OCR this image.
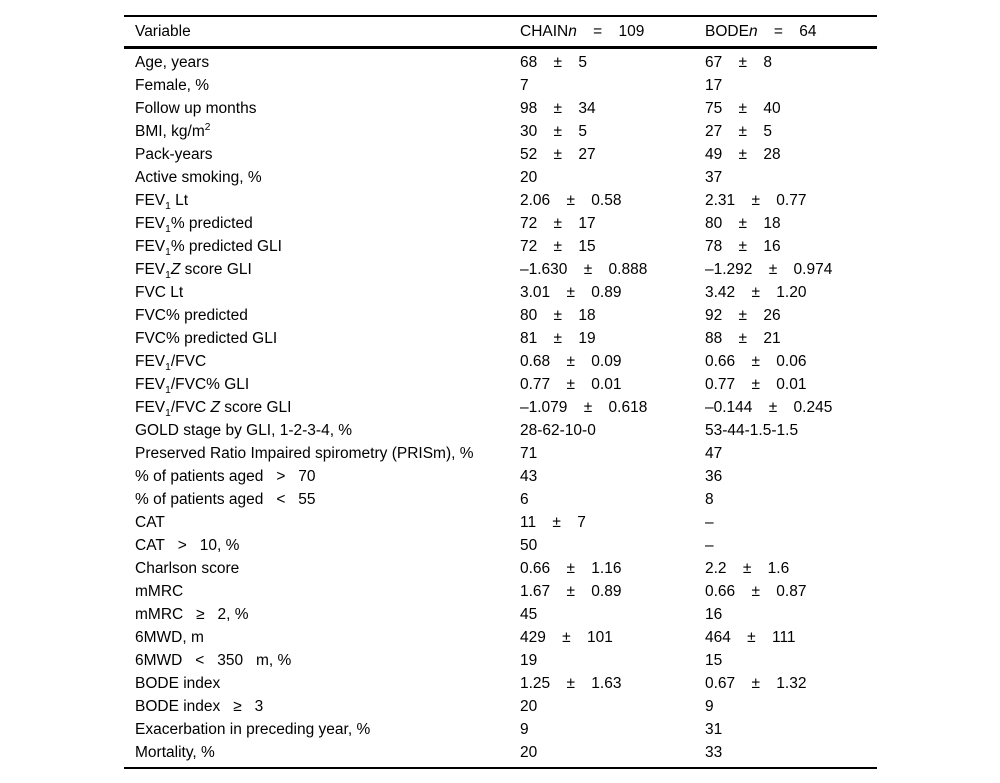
Variable	CHAINn = 109	BODEn = 64
Age, years	68 ± 5	67 ± 8
Female, %	7	17
Follow up months	98 ± 34	75 ± 40
BMI, $kg/m^2$	30 ± 5	27 ± 5
Pack-years	52 ± 27	49 ± 28
Active smoking, %	20	37
$FEV_1$ Lt	2.06 ± 0.58	2.31 ± 0.77
$FEV_1\%$ predicted	72 ± 17	80 ± 18
$FEV_1\%$ predicted GLI	72 ± 15	78 ± 16
$FEV_1Z$ score GLI	–1.630 ± 0.888	–1.292 ± 0.974
FVC Lt	3.01 ± 0.89	3.42 ± 1.20
FVC% predicted	80 ± 18	92 ± 26
FVC% predicted GLI	81 ± 19	88 ± 21
$FEV_1$/FVC	0.68 ± 0.09	0.66 ± 0.06
$FEV_1/FVC\%$ GLI	0.77 ± 0.01	0.77 ± 0.01
$FEV_1$/FVC Z score GLI	–1.079 ± 0.618	–0.144 ± 0.245
GOLD stage by GLI, 1-2-3-4, %	28-62-10-0	53-44-1.5-1.5
Preserved Ratio Impaired spirometry (PRISm), %	71	47
% of patients aged   >   70	43	36
% of patients aged   <   55	6	8
CAT	11 ± 7	–
CAT   >   10, %	50	–
Charlson score	0.66 ± 1.16	2.2 ± 1.6
mMRC	1.67 ± 0.89	0.66 ± 0.87
mMRC   ≥   2, %	45	16
6MWD, m	429 ± 101	464 ± 111
6MWD   <   350   m, %	19	15
BODE index	1.25 ± 1.63	0.67 ± 1.32
BODE index   ≥   3	20	9
Exacerbation in preceding year, %	9	31
Mortality, %	20	33
